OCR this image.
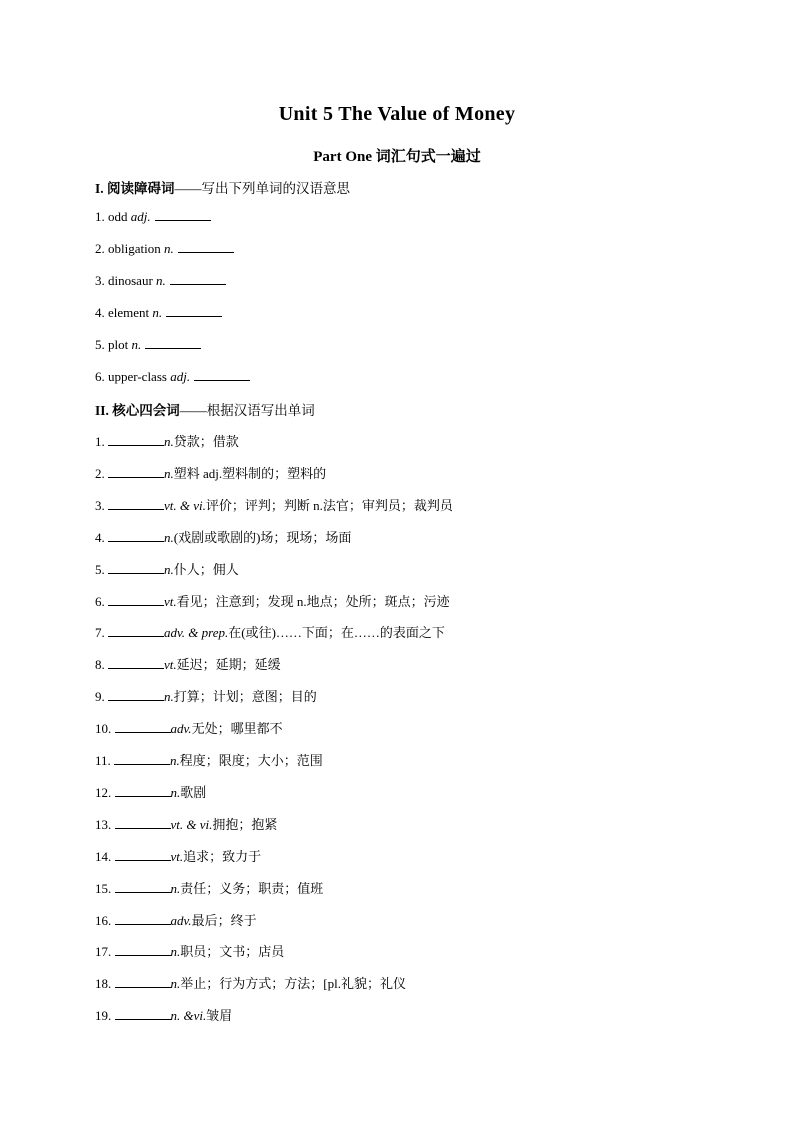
Unit 5 The Value of Money
Part One 词汇句式一遍过
I. 阅读障碍词——写出下列单词的汉语意思
1. odd adj.
2. obligation n.
3. dinosaur n.
4. element n.
5. plot n.
6. upper-class adj.
II. 核心四会词——根据汉语写出单词
1.	n.贷款；借款
2.	n.塑料 adj.塑料制的；塑料的
3.	vt. & vi.评价；评判；判断 n.法官；审判员；裁判员
4.	n.(戏剧或歌剧的)场；现场；场面
5.	n.仆人；佣人
6.	vt.看见；注意到；发现 n.地点；处所；斑点；污迹
7.	adv. & prep.在(或往)……下面；在……的表面之下
8.	vt.延迟；延期；延缓
9.	n.打算；计划；意图；目的
10.	adv.无处；哪里都不
11.	n.程度；限度；大小；范围
12.	n.歌剧
13.	vt. & vi.拥抱；抱紧
14.	vt.追求；致力于
15.	n.责任；义务；职责；值班
16.	adv.最后；终于
17.	n.职员；文书；店员
18.	n.举止；行为方式；方法；[pl.礼貌；礼仪
19.	n. &vi.皱眉
